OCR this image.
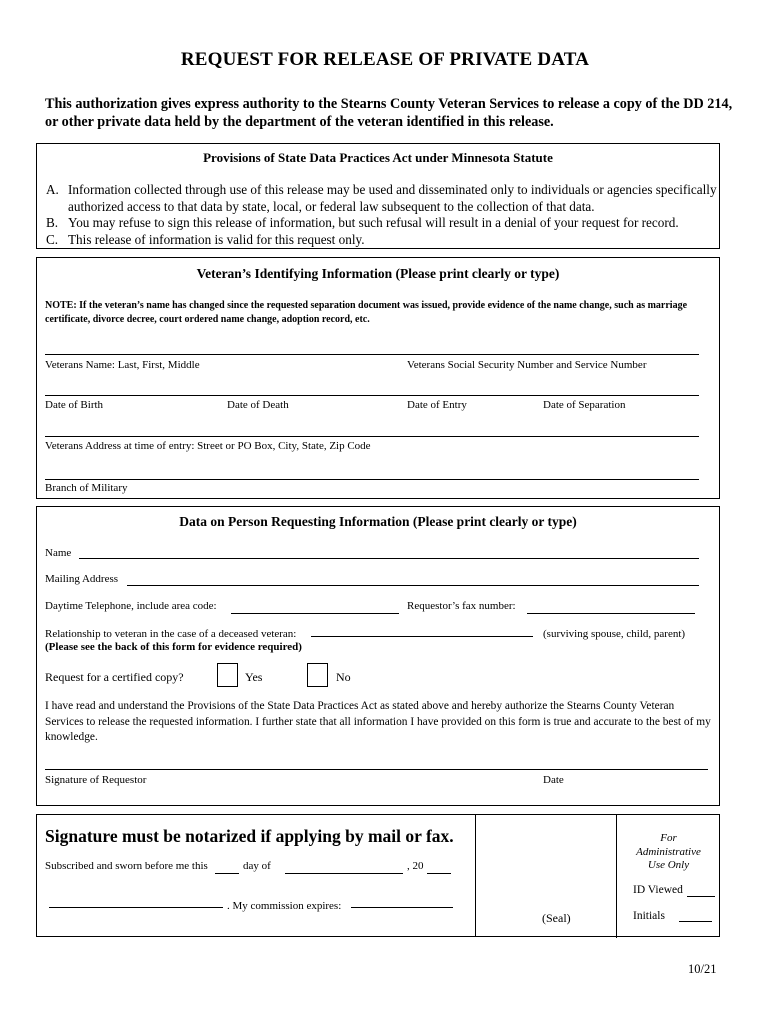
REQUEST FOR RELEASE OF PRIVATE DATA
This authorization gives express authority to the Stearns County Veteran Services to release a copy of the DD 214, or other private data held by the department of the veteran identified in this release.
Provisions of State Data Practices Act under Minnesota Statute
A. Information collected through use of this release may be used and disseminated only to individuals or agencies specifically authorized access to that data by state, local, or federal law subsequent to the collection of that data.
B. You may refuse to sign this release of information, but such refusal will result in a denial of your request for record.
C. This release of information is valid for this request only.
Veteran’s Identifying Information (Please print clearly or type)
NOTE: If the veteran’s name has changed since the requested separation document was issued, provide evidence of the name change, such as marriage certificate, divorce decree, court ordered name change, adoption record, etc.
Veterans Name: Last, First, Middle	Veterans Social Security Number and Service Number
Date of Birth	Date of Death	Date of Entry	Date of Separation
Veterans Address at time of entry: Street or PO Box, City, State, Zip Code
Branch of Military
Data on Person Requesting Information (Please print clearly or type)
Name
Mailing Address
Daytime Telephone, include area code:	Requestor’s fax number:
Relationship to veteran in the case of a deceased veteran:	(surviving spouse, child, parent)
(Please see the back of this form for evidence required)
Request for a certified copy?	Yes	No
I have read and understand the Provisions of the State Data Practices Act as stated above and hereby authorize the Stearns County Veteran Services to release the requested information. I further state that all information I have provided on this form is true and accurate to the best of my knowledge.
Signature of Requestor	Date
Signature must be notarized if applying by mail or fax.
Subscribed and sworn before me this	day of	, 20
. My commission expires:
(Seal)
For
Administrative
Use Only
ID Viewed
Initials
10/21
